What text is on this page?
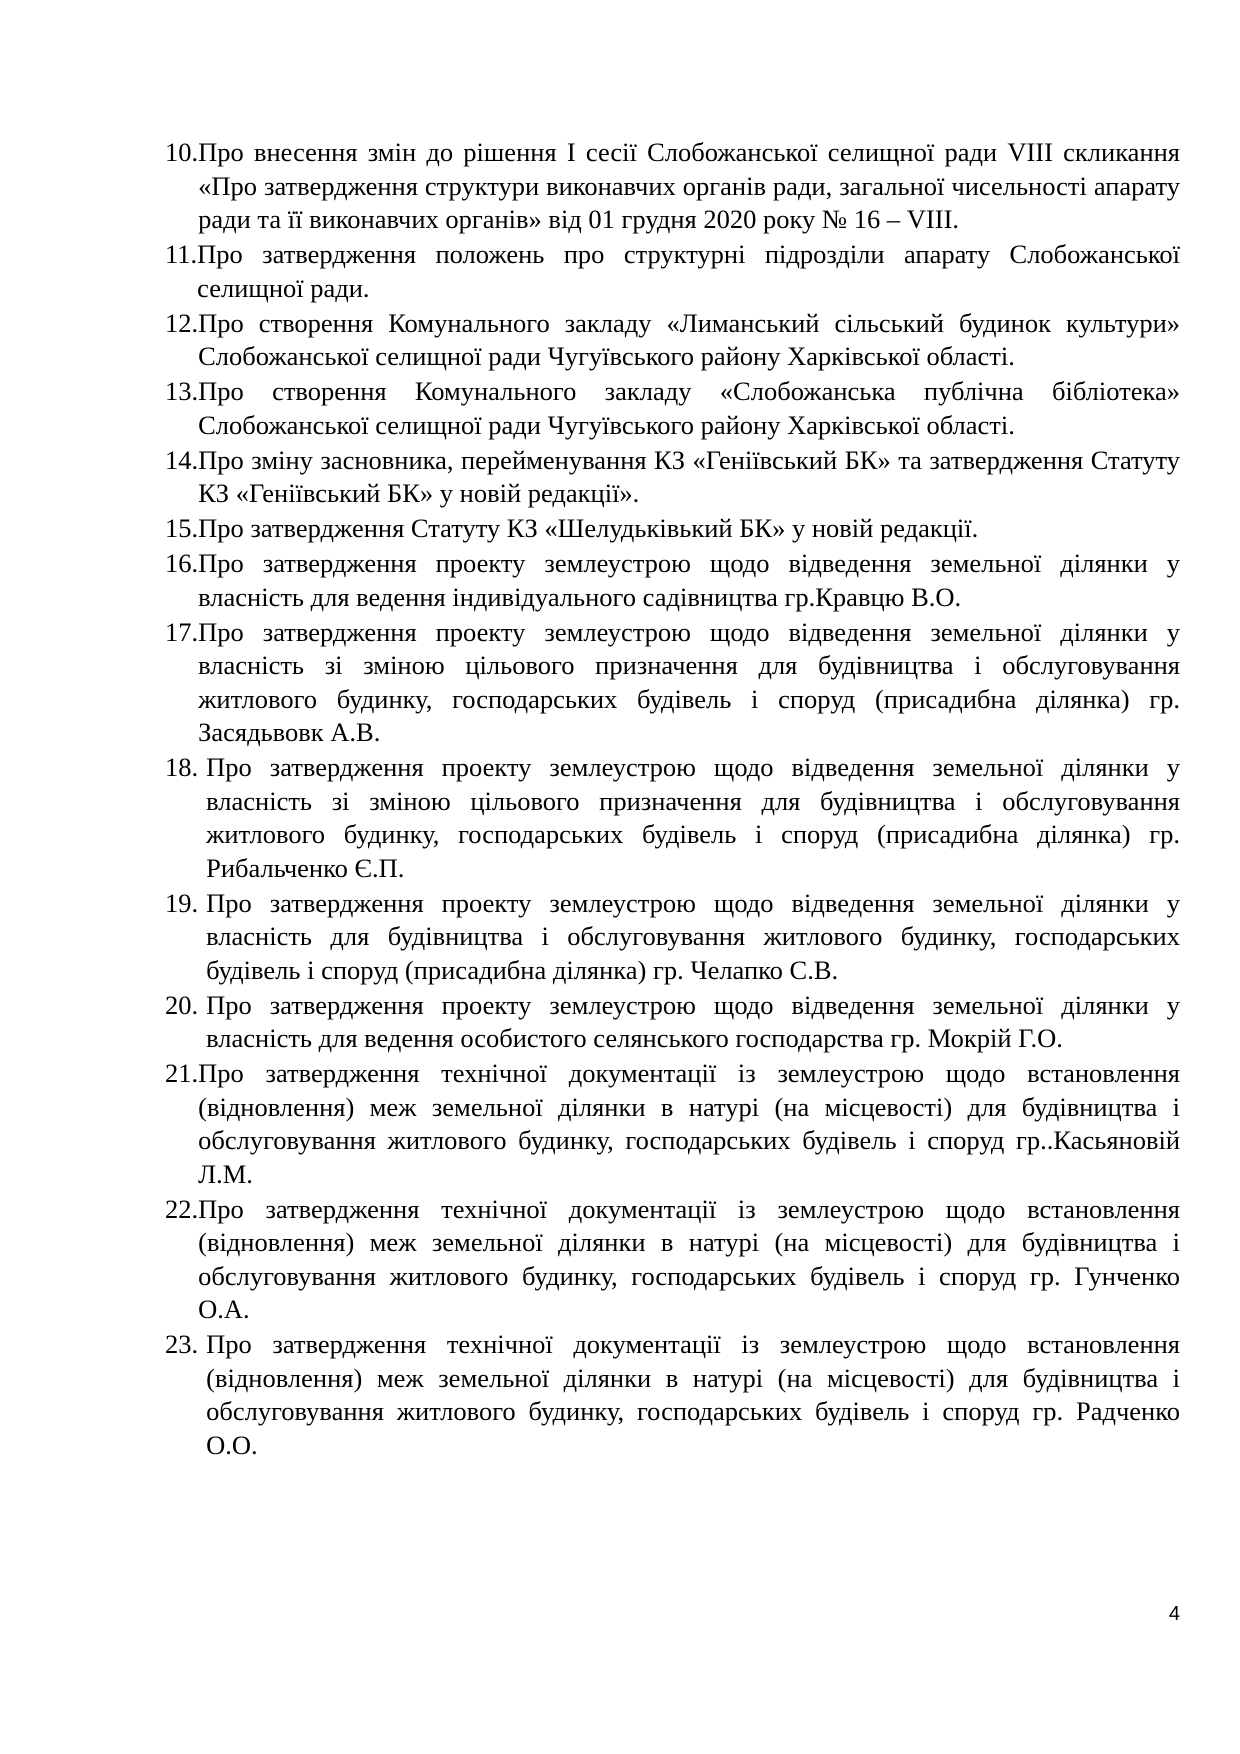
10. Про внесення змін до рішення І сесії Слобожанської селищної ради VIII скликання «Про затвердження структури виконавчих органів ради, загальної чисельності апарату ради та її виконавчих органів» від 01 грудня 2020 року № 16 – VIII.
11. Про затвердження положень про структурні підрозділи апарату Слобожанської селищної ради.
12. Про створення Комунального закладу «Лиманський сільський будинок культури» Слобожанської селищної ради Чугуївського району Харківської області.
13. Про створення Комунального закладу «Слобожанська публічна бібліотека» Слобожанської селищної ради Чугуївського району Харківської області.
14. Про зміну засновника, перейменування КЗ «Геніївський БК» та затвердження Статуту КЗ «Геніївський БК» у новій редакції».
15. Про затвердження Статуту КЗ «Шелудьківький БК» у новій редакції.
16. Про затвердження проекту землеустрою щодо відведення земельної ділянки у власність для ведення індивідуального садівництва гр.Кравцю В.О.
17. Про затвердження проекту землеустрою щодо відведення земельної ділянки у власність зі зміною цільового призначення для будівництва і обслуговування житлового будинку, господарських будівель і споруд (присадибна ділянка) гр. Засядьвовк А.В.
18. Про затвердження проекту землеустрою щодо відведення земельної ділянки у власність зі зміною цільового призначення для будівництва і обслуговування житлового будинку, господарських будівель і споруд (присадибна ділянка) гр. Рибальченко Є.П.
19. Про затвердження проекту землеустрою щодо відведення земельної ділянки у власність для будівництва і обслуговування житлового будинку, господарських будівель і споруд (присадибна ділянка) гр. Челапко С.В.
20. Про затвердження проекту землеустрою щодо відведення земельної ділянки у власність для ведення особистого селянського господарства гр. Мокрій Г.О.
21. Про затвердження технічної документації із землеустрою щодо встановлення (відновлення) меж земельної ділянки в натурі (на місцевості) для будівництва і обслуговування житлового будинку, господарських будівель і споруд гр..Касьяновій Л.М.
22. Про затвердження технічної документації із землеустрою щодо встановлення (відновлення) меж земельної ділянки в натурі (на місцевості) для будівництва і обслуговування житлового будинку, господарських будівель і споруд гр. Гунченко О.А.
23. Про затвердження технічної документації із землеустрою щодо встановлення (відновлення) меж земельної ділянки в натурі (на місцевості) для будівництва і обслуговування житлового будинку, господарських будівель і споруд гр. Радченко О.О.
4
